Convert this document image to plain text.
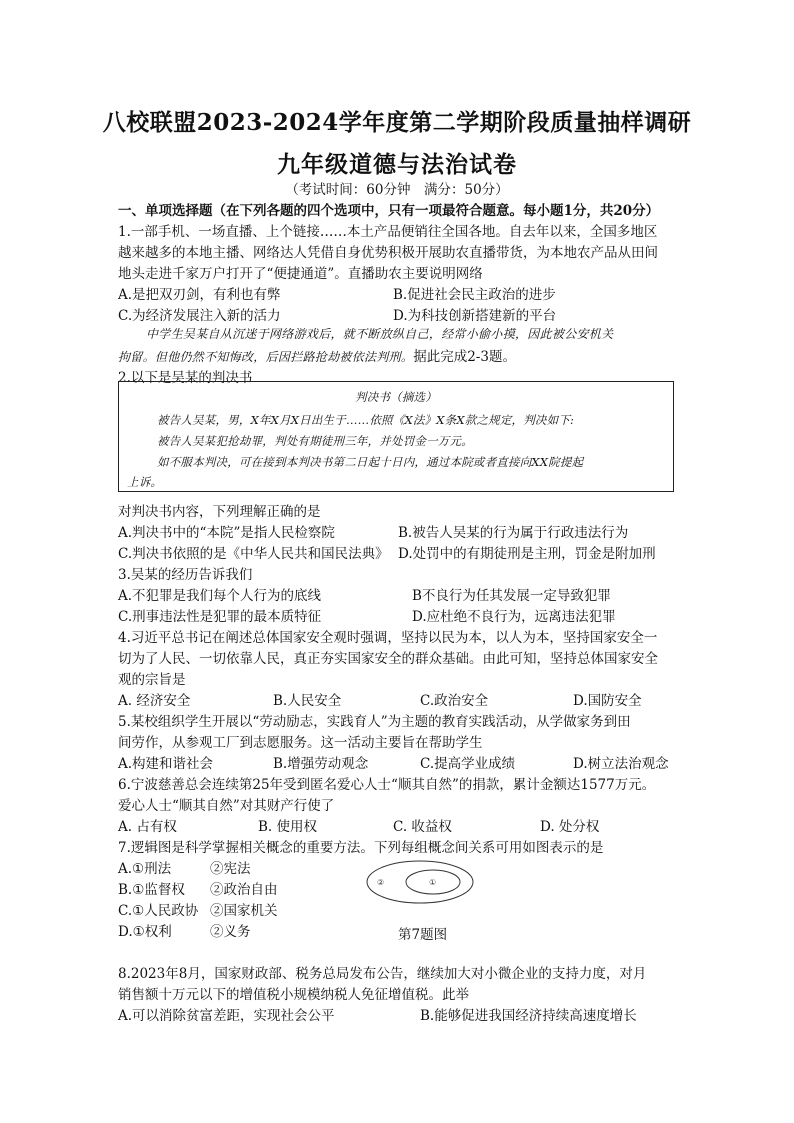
八校联盟2023-2024学年度第二学期阶段质量抽样调研
九年级道德与法治试卷
（考试时间：60分钟　满分：50分）
一、单项选择题（在下列各题的四个选项中，只有一项最符合题意。每小题1分，共20分）
1.一部手机、一场直播、上个链接……本土产品便销往全国各地。自去年以来，全国多地区
越来越多的本地主播、网络达人凭借自身优势积极开展助农直播带货，为本地农产品从田间
地头走进千家万户打开了“便捷通道”。直播助农主要说明网络
A.是把双刃剑，有利也有弊	B.促进社会民主政治的进步
C.为经济发展注入新的活力	D.为科技创新搭建新的平台
中学生吴某自从沉迷于网络游戏后，就不断放纵自己，经常小偷小摸，因此被公安机关
拘留。但他仍然不知悔改，后因拦路抢劫被依法判刑。据此完成2-3题。
2.以下是吴某的判决书
判决书（摘选）
被告人吴某，男，X年X月X日出生于……依照《X法》X条X款之规定，判决如下:
被告人吴某犯抢劫罪，判处有期徒刑三年，并处罚金一万元。
如不服本判决，可在接到本判决书第二日起十日内，通过本院或者直接向XX院提起
上诉。
对判决书内容，下列理解正确的是
A.判决书中的“本院”是指人民检察院	B.被告人吴某的行为属于行政违法行为
C.判决书依照的是《中华人民共和国民法典》 D.处罚中的有期徒刑是主刑，罚金是附加刑
3.吴某的经历告诉我们
A.不犯罪是我们每个人行为的底线	B不良行为任其发展一定导致犯罪
C.刑事违法性是犯罪的最本质特征	D.应杜绝不良行为，远离违法犯罪
4.习近平总书记在阐述总体国家安全观时强调，坚持以民为本，以人为本，坚持国家安全一
切为了人民、一切依靠人民，真正夯实国家安全的群众基础。由此可知，坚持总体国家安全
观的宗旨是
A. 经济安全	B.人民安全	C.政治安全	D.国防安全
5.某校组织学生开展以“劳动励志，实践育人”为主题的教育实践活动，从学做家务到田
间劳作，从参观工厂到志愿服务。这一活动主要旨在帮助学生
A.构建和谐社会	B.增强劳动观念	C.提高学业成绩	D.树立法治观念
6.宁波慈善总会连续第25年受到匿名爱心人士“顺其自然”的捐款，累计金额达1577万元。
爱心人士“顺其自然”对其财产行使了
A. 占有权	B. 使用权	C. 收益权	D. 处分权
7.逻辑图是科学掌握相关概念的重要方法。下列每组概念间关系可用如图表示的是
A.①刑法	②宪法
B.①监督权 ②政治自由
C.①人民政协 ②国家机关
D.①权利	②义务
②	①
第7题图
8.2023年8月，国家财政部、税务总局发布公告，继续加大对小微企业的支持力度，对月
销售额十万元以下的增值税小规模纳税人免征增值税。此举
A.可以消除贫富差距，实现社会公平	B.能够促进我国经济持续高速度增长
